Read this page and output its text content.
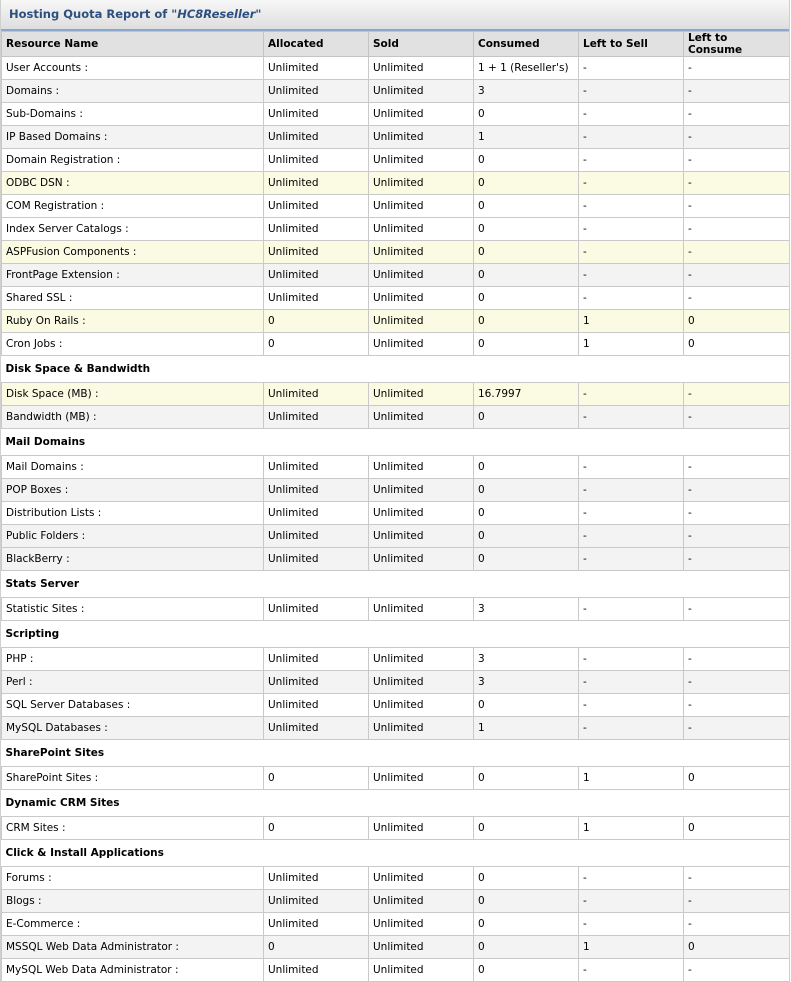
Hosting Quota Report of "HC8Reseller"
Resource Name	Allocated	Sold	Consumed	Left to Sell	Left to Consume
User Accounts :	Unlimited	Unlimited	1 + 1 (Reseller's)	-	-
Domains :	Unlimited	Unlimited	3	-	-
Sub-Domains :	Unlimited	Unlimited	0	-	-
IP Based Domains :	Unlimited	Unlimited	1	-	-
Domain Registration :	Unlimited	Unlimited	0	-	-
ODBC DSN :	Unlimited	Unlimited	0	-	-
COM Registration :	Unlimited	Unlimited	0	-	-
Index Server Catalogs :	Unlimited	Unlimited	0	-	-
ASPFusion Components :	Unlimited	Unlimited	0	-	-
FrontPage Extension :	Unlimited	Unlimited	0	-	-
Shared SSL :	Unlimited	Unlimited	0	-	-
Ruby On Rails :	0	Unlimited	0	1	0
Cron Jobs :	0	Unlimited	0	1	0
Disk Space & Bandwidth					
Disk Space (MB) :	Unlimited	Unlimited	16.7997	-	-
Bandwidth (MB) :	Unlimited	Unlimited	0	-	-
Mail Domains					
Mail Domains :	Unlimited	Unlimited	0	-	-
POP Boxes :	Unlimited	Unlimited	0	-	-
Distribution Lists :	Unlimited	Unlimited	0	-	-
Public Folders :	Unlimited	Unlimited	0	-	-
BlackBerry :	Unlimited	Unlimited	0	-	-
Stats Server					
Statistic Sites :	Unlimited	Unlimited	3	-	-
Scripting					
PHP :	Unlimited	Unlimited	3	-	-
Perl :	Unlimited	Unlimited	3	-	-
SQL Server Databases :	Unlimited	Unlimited	0	-	-
MySQL Databases :	Unlimited	Unlimited	1	-	-
SharePoint Sites					
SharePoint Sites :	0	Unlimited	0	1	0
Dynamic CRM Sites					
CRM Sites :	0	Unlimited	0	1	0
Click & Install Applications					
Forums :	Unlimited	Unlimited	0	-	-
Blogs :	Unlimited	Unlimited	0	-	-
E-Commerce :	Unlimited	Unlimited	0	-	-
MSSQL Web Data Administrator :	0	Unlimited	0	1	0
MySQL Web Data Administrator :	Unlimited	Unlimited	0	-	-
